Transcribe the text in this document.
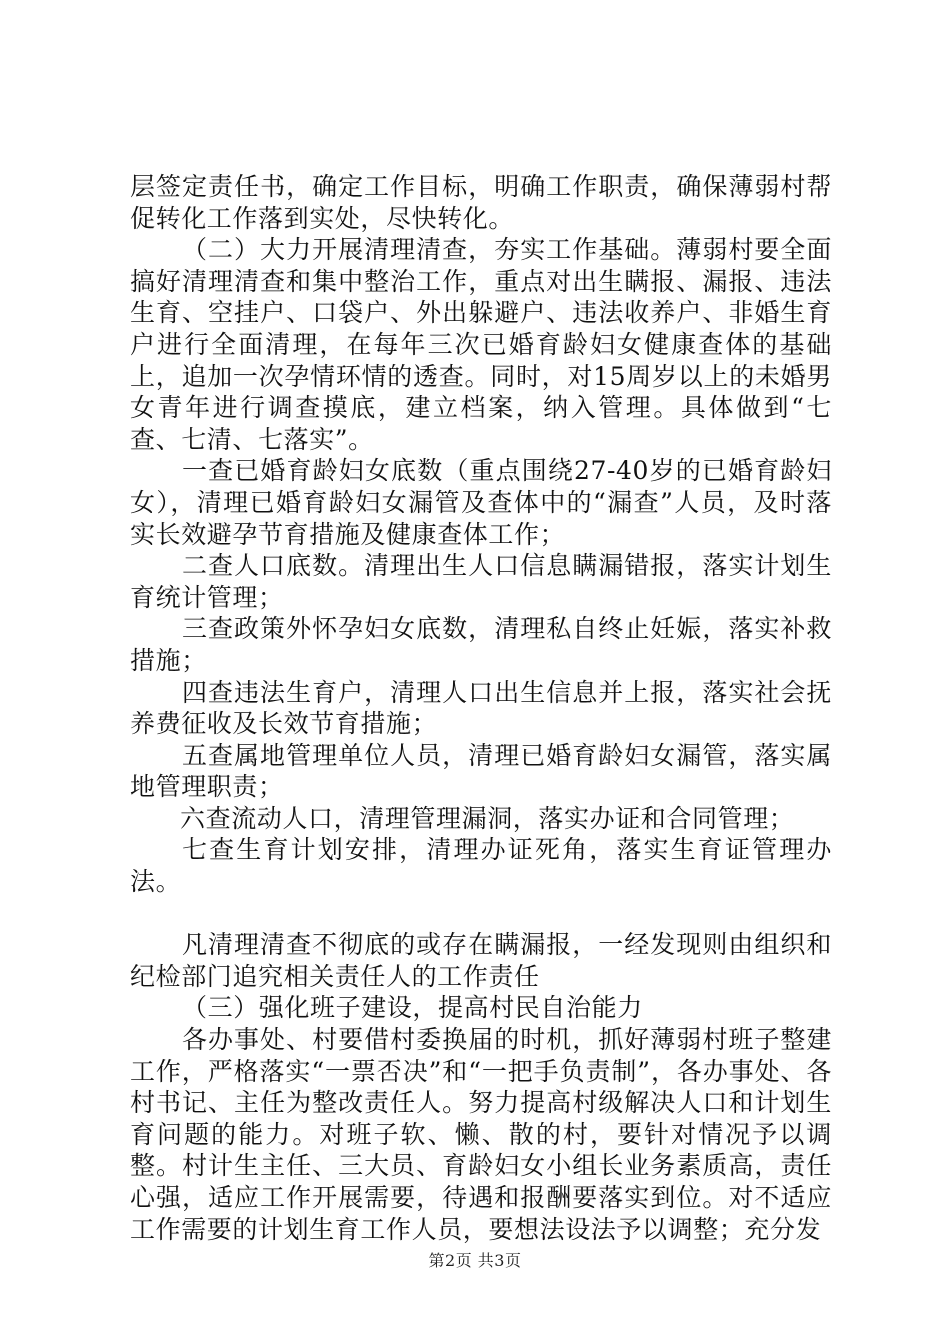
层签定责任书，确定工作目标，明确工作职责，确保薄弱村帮促转化工作落到实处，尽快转化。

（二）大力开展清理清查，夯实工作基础。薄弱村要全面搞好清理清查和集中整治工作，重点对出生瞒报、漏报、违法生育、空挂户、口袋户、外出躲避户、违法收养户、非婚生育户进行全面清理，在每年三次已婚育龄妇女健康查体的基础上，追加一次孕情环情的透查。同时，对15周岁以上的未婚男女青年进行调查摸底，建立档案，纳入管理。具体做到“七查、七清、七落实”。

一查已婚育龄妇女底数（重点围绕27-40岁的已婚育龄妇女），清理已婚育龄妇女漏管及查体中的“漏查”人员，及时落实长效避孕节育措施及健康查体工作；

二查人口底数。清理出生人口信息瞒漏错报，落实计划生育统计管理；

三查政策外怀孕妇女底数，清理私自终止妊娠，落实补救措施；

四查违法生育户，清理人口出生信息并上报，落实社会抚养费征收及长效节育措施；

五查属地管理单位人员，清理已婚育龄妇女漏管，落实属地管理职责；

六查流动人口，清理管理漏洞，落实办证和合同管理；

七查生育计划安排，清理办证死角，落实生育证管理办法。

凡清理清查不彻底的或存在瞒漏报，一经发现则由组织和纪检部门追究相关责任人的工作责任

（三）强化班子建设，提高村民自治能力

各办事处、村要借村委换届的时机，抓好薄弱村班子整建工作，严格落实“一票否决”和“一把手负责制”，各办事处、各村书记、主任为整改责任人。努力提高村级解决人口和计划生育问题的能力。对班子软、懒、散的村，要针对情况予以调整。村计生主任、三大员、育龄妇女小组长业务素质高，责任心强，适应工作开展需要，待遇和报酬要落实到位。对不适应工作需要的计划生育工作人员，要想法设法予以调整；充分发

第2页 共3页
